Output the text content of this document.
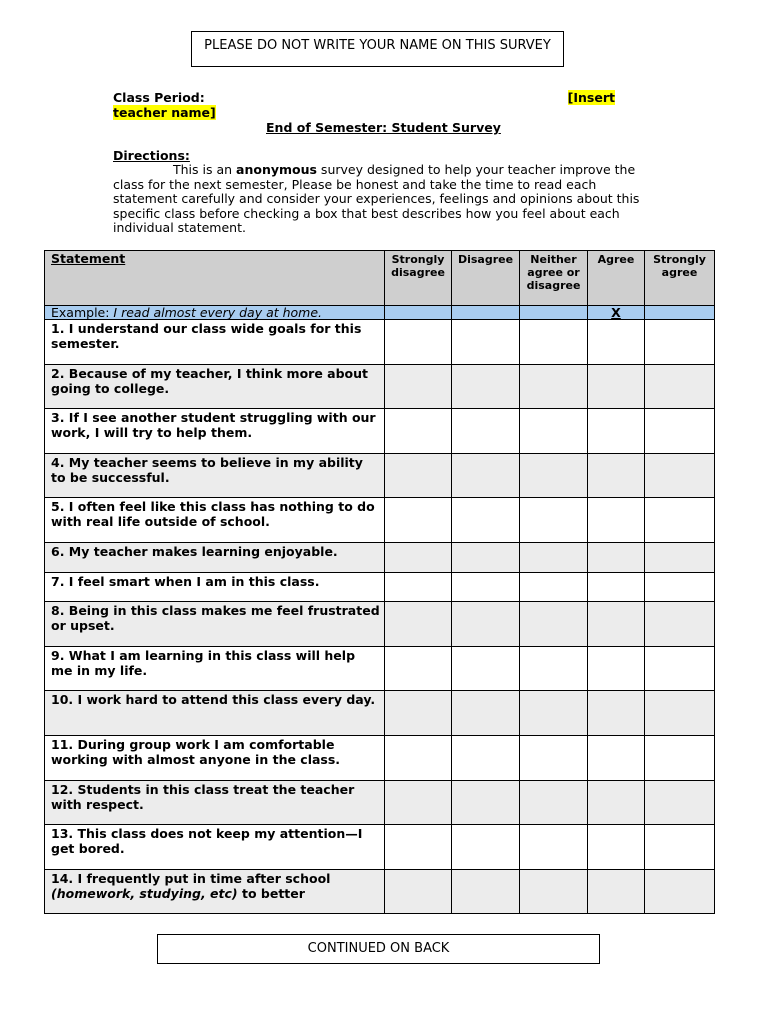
PLEASE DO NOT WRITE YOUR NAME ON THIS SURVEY
Class Period:	[Insert
teacher name]
End of Semester: Student Survey
Directions:
This is an anonymous survey designed to help your teacher improve the class for the next semester, Please be honest and take the time to read each statement carefully and consider your experiences, feelings and opinions about this specific class before checking a box that best describes how you feel about each individual statement.
Statement	Strongly disagree	Disagree	Neither agree or disagree	Agree	Strongly agree
Example: I read almost every day at home.				X	
1. I understand our class wide goals for this semester.					
2. Because of my teacher, I think more about going to college.					
3. If I see another student struggling with our work, I will try to help them.					
4. My teacher seems to believe in my ability to be successful.					
5. I often feel like this class has nothing to do with real life outside of school.					
6. My teacher makes learning enjoyable.					
7. I feel smart when I am in this class.					
8. Being in this class makes me feel frustrated or upset.					
9. What I am learning in this class will help me in my life.					
10. I work hard to attend this class every day.					
11. During group work I am comfortable working with almost anyone in the class.					
12. Students in this class treat the teacher with respect.					
13. This class does not keep my attention—I get bored.					
14. I frequently put in time after school (homework, studying, etc) to better					
CONTINUED ON BACK
